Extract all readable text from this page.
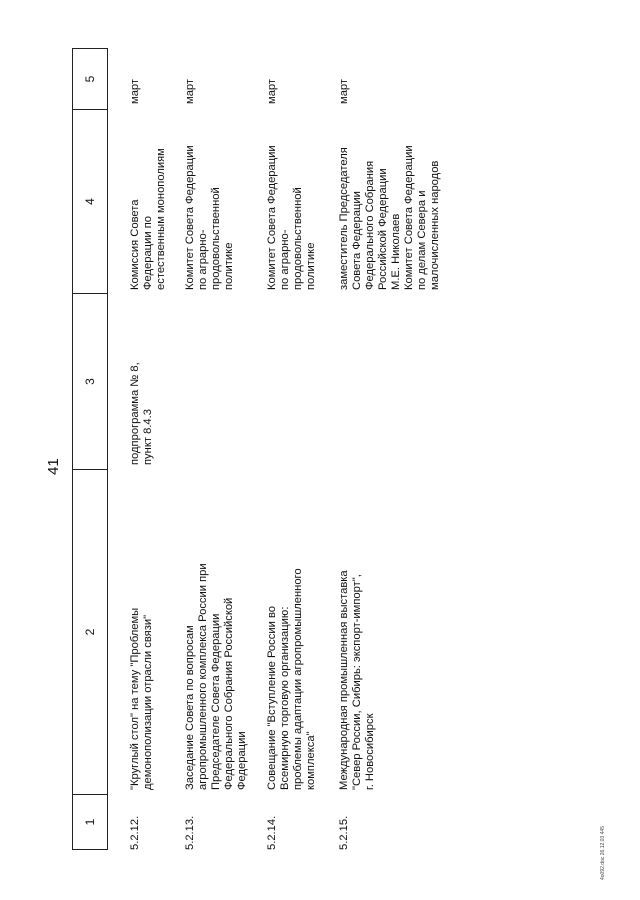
41
1
2
3
4
5
5.2.12.
"Круглый стол" на тему "Проблемы
демонополизации отрасли связи"
подпрограмма № 8,
пункт 8.4.3
Комиссия Совета
Федерации по
естественным монополиям
март
5.2.13.
Заседание Совета по вопросам
агропромышленного комплекса России при
Председателе Совета Федерации
Федерального Собрания Российской
Федерации
Комитет Совета Федерации
по аграрно-
продовольственной
политике
март
5.2.14.
Совещание "Вступление России во
Всемирную торговую организацию:
проблемы адаптации агропромышленного
комплекса"
Комитет Совета Федерации
по аграрно-
продовольственной
политике
март
5.2.15.
Международная промышленная выставка
"Север России, Сибирь: экспорт-импорт",
г. Новосибирск
заместитель Председателя
Совета Федерации
Федерального Собрания
Российской Федерации
М.Е. Николаев
Комитет Совета Федерации
по делам Севера и
малочисленных народов
март
4о092.doc 26.12.03 445
